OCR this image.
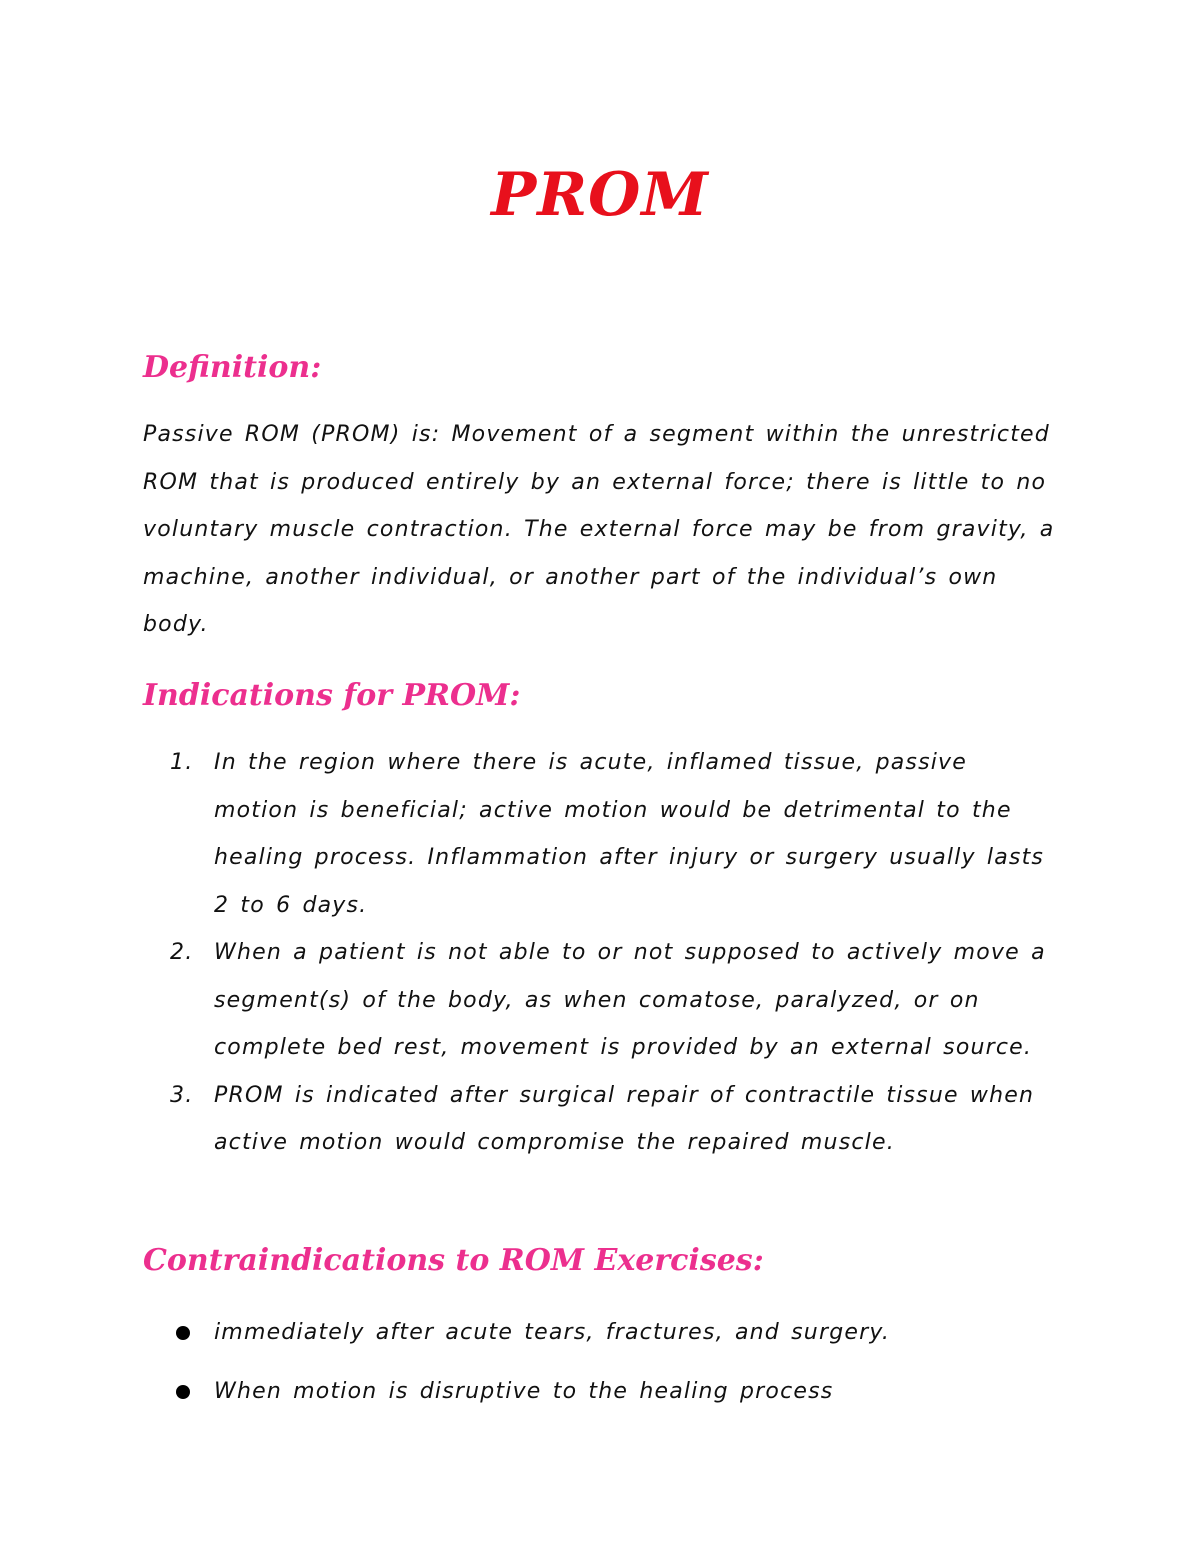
PROM
Definition:

Passive ROM (PROM) is: Movement of a segment within the unrestricted ROM that is produced entirely by an external force; there is little to no voluntary muscle contraction. The external force may be from gravity, a machine, another individual, or another part of the individual’s own body.

Indications for PROM:
1. In the region where there is acute, inflamed tissue, passive motion is beneficial; active motion would be detrimental to the healing process. Inflammation after injury or surgery usually lasts 2 to 6 days.
2. When a patient is not able to or not supposed to actively move a segment(s) of the body, as when comatose, paralyzed, or on complete bed rest, movement is provided by an external source.
3. PROM is indicated after surgical repair of contractile tissue when active motion would compromise the repaired muscle.
Contraindications to ROM Exercises:
immediately after acute tears, fractures, and surgery.
When motion is disruptive to the healing process
